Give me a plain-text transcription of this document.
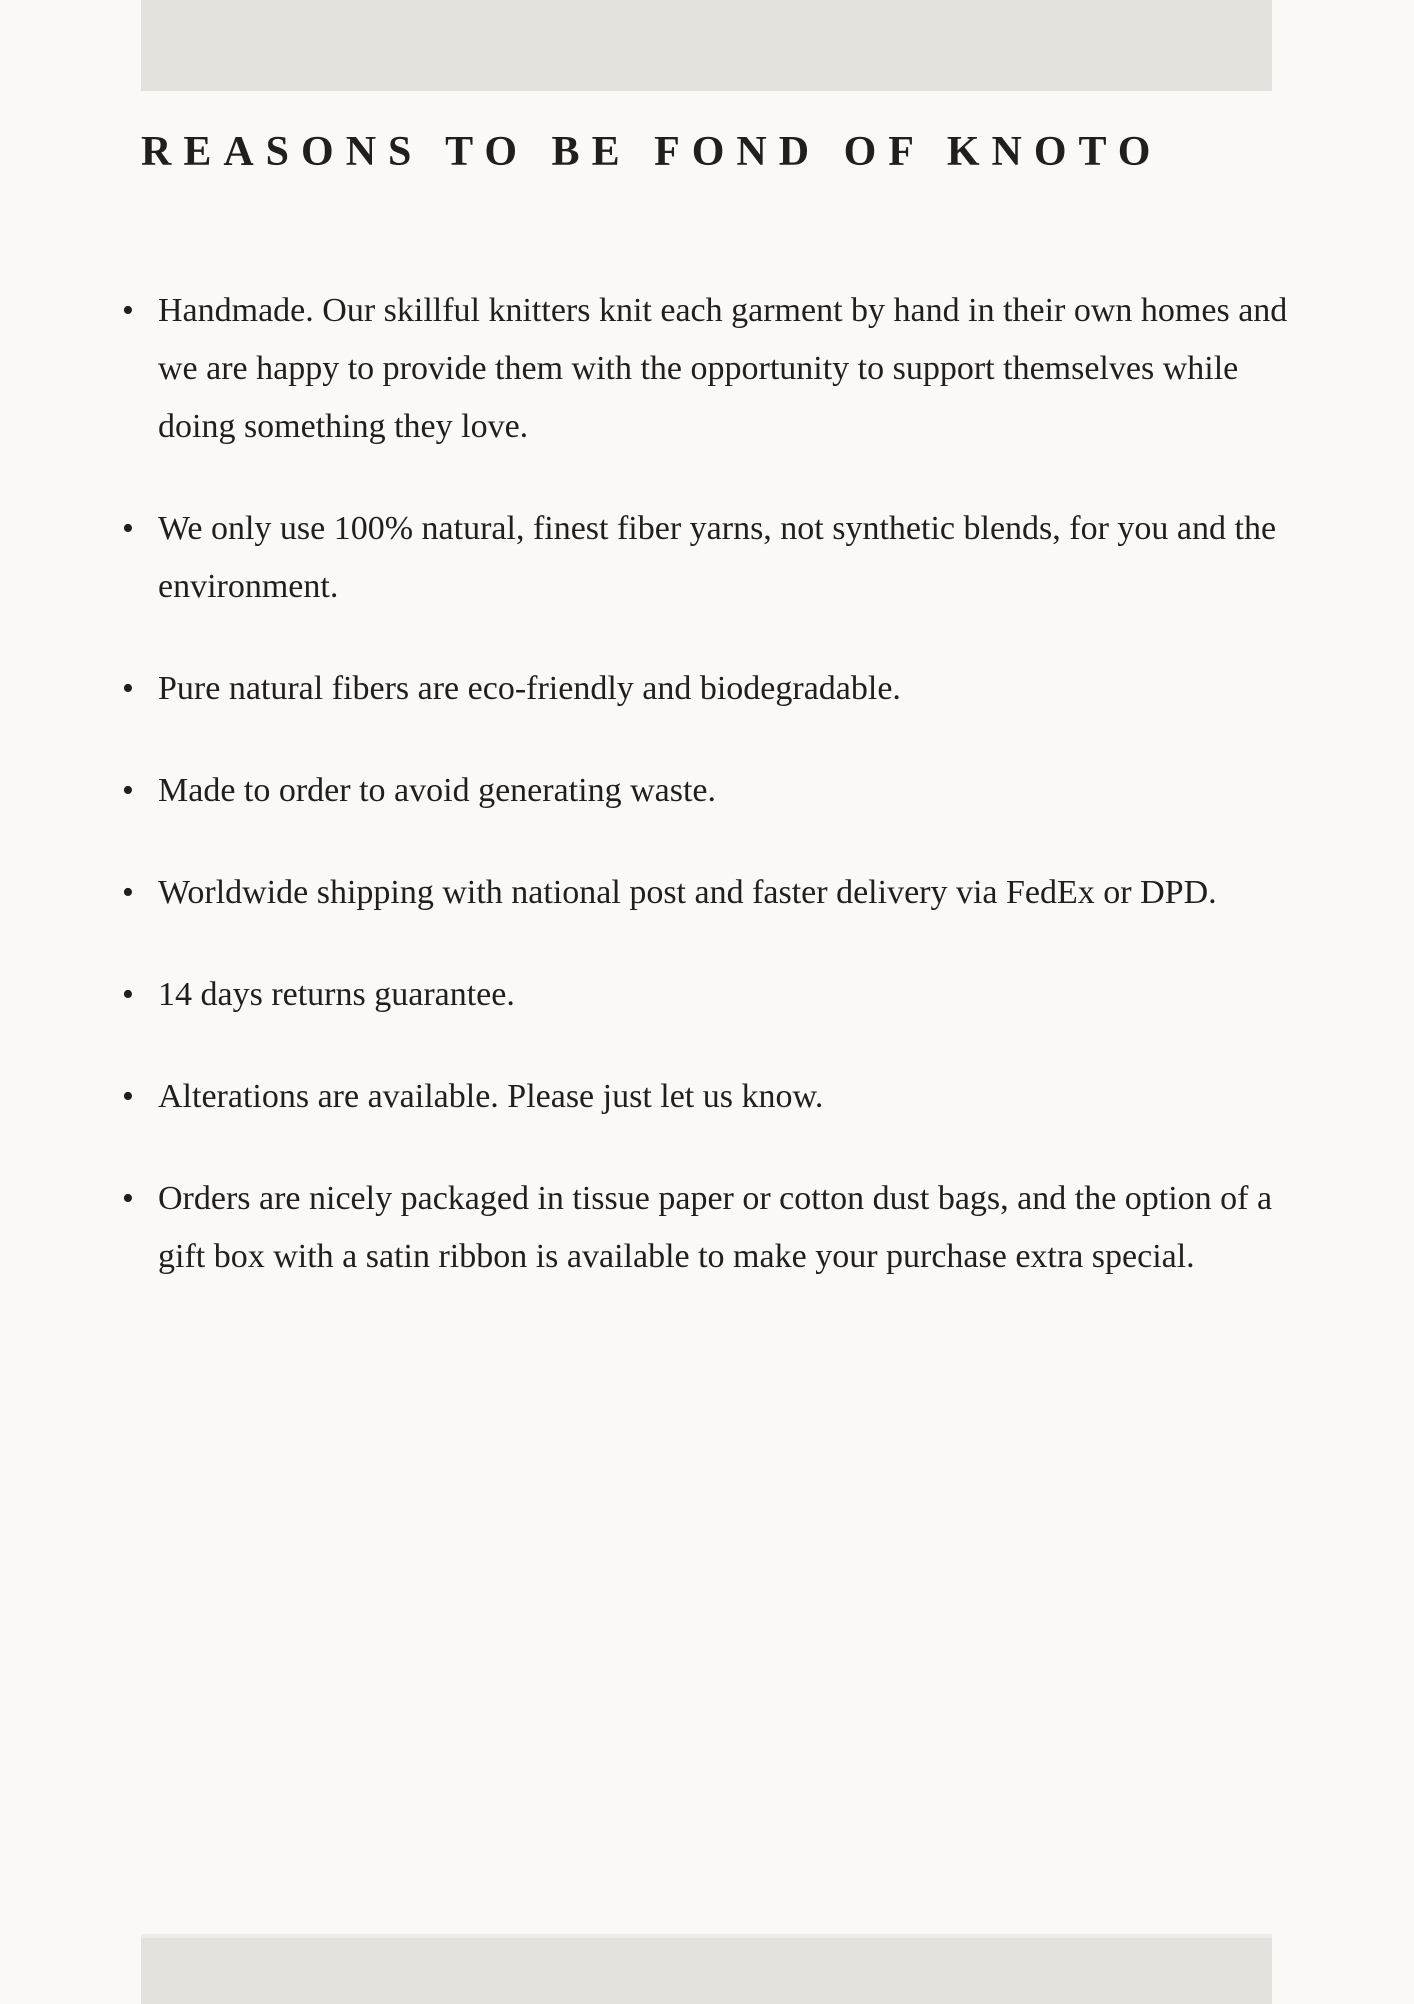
REASONS TO BE FOND OF KNOTO
• Handmade. Our skillful knitters knit each garment by hand in their own homes and we are happy to provide them with the opportunity to support themselves while doing something they love.
• We only use 100% natural, finest fiber yarns, not synthetic blends, for you and the environment.
• Pure natural fibers are eco-friendly and biodegradable.
• Made to order to avoid generating waste.
• Worldwide shipping with national post and faster delivery via FedEx or DPD.
• 14 days returns guarantee.
• Alterations are available. Please just let us know.
• Orders are nicely packaged in tissue paper or cotton dust bags, and the option of a gift box with a satin ribbon is available to make your purchase extra special.
